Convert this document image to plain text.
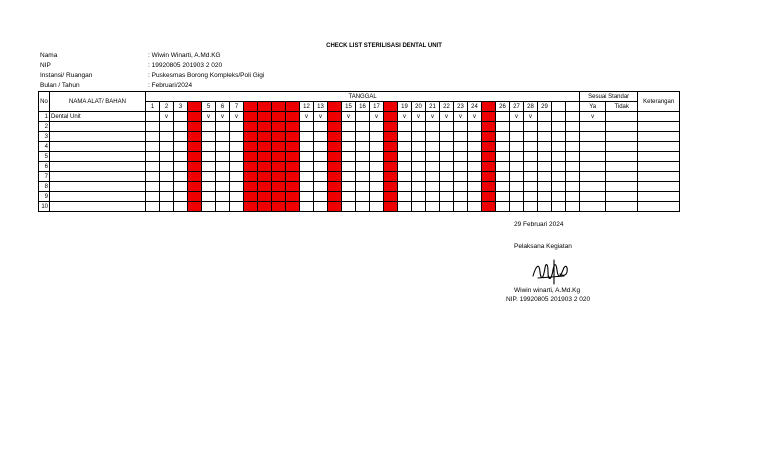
CHECK LIST STERILISASI DENTAL UNIT
Nama	: Wiwin Winarti, A.Md.KG
NIP	: 19920805 201903 2 020
Instansi/ Ruangan	: Puskesmas Borong Kompleks/Poli Gigi
Bulan / Tahun	: Februari/2024
No	NAMA ALAT/ BAHAN	TANGGAL																															Sesuai Standar		Keterangan
		1	2	3		5	6	7					12	13		15	16	17		19	20	21	22	23	24		26	27	28	29			Ya	Tidak	
1	Dental Unit		v			v	v	v					v	v		v		v		v	v	v	v	v	v			v	v				v		
2																																			
3																																			
4																																			
5																																			
6																																			
7																																			
8																																			
9																																			
10																																			
29 Februari 2024
Pelaksana Kegiatan
Wiwin winarti, A.Md.Kg
NIP. 19920805 201903 2 020
